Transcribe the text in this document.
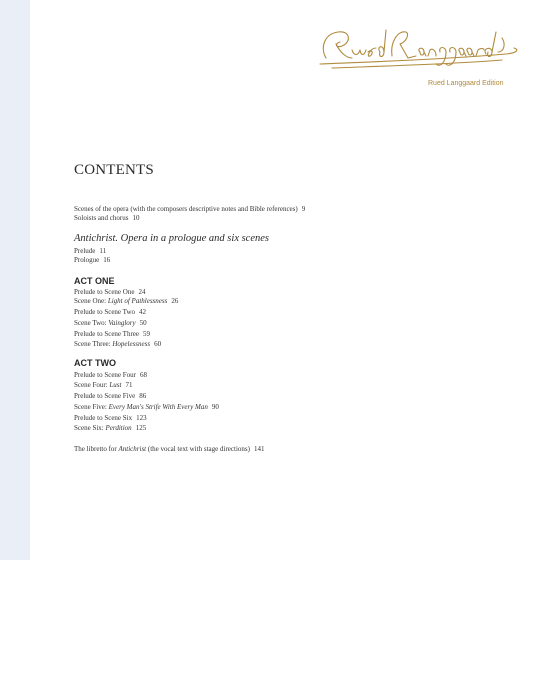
Rued Langgaard Edition
CONTENTS
Scenes of the opera (with the composers descriptive notes and Bible references) 9
Soloists and chorus 10
Antichrist. Opera in a prologue and six scenes
Prelude 11
Prologue 16
ACT ONE
Prelude to Scene One 24
Scene One: Light of Pathlessness 26
Prelude to Scene Two 42
Scene Two: Vainglory 50
Prelude to Scene Three 59
Scene Three: Hopelessness 60
ACT TWO
Prelude to Scene Four 68
Scene Four: Lust 71
Prelude to Scene Five 86
Scene Five: Every Man's Strife With Every Man 90
Prelude to Scene Six 123
Scene Six: Perdition 125
The libretto for Antichrist (the vocal text with stage directions) 141
